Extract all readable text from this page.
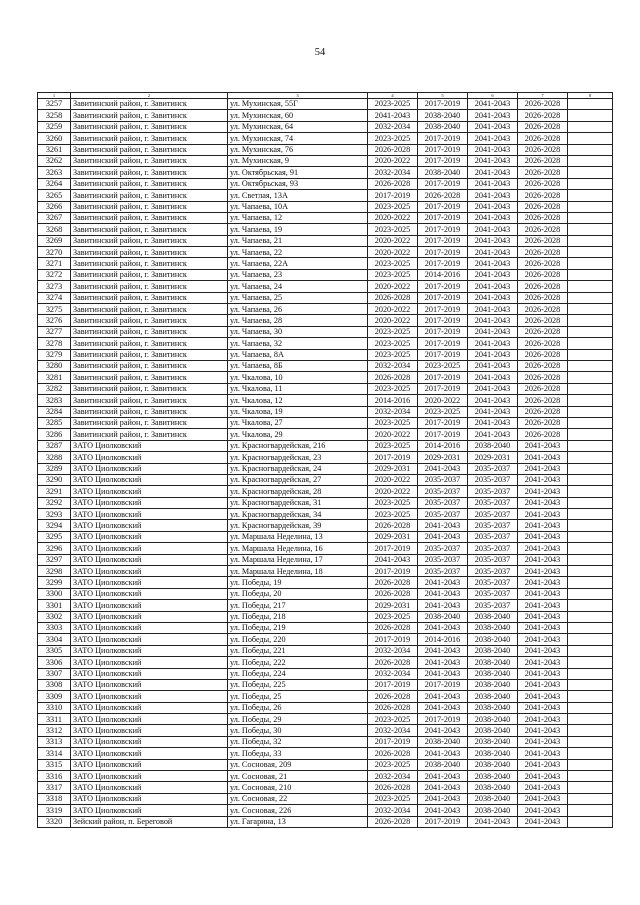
54
1	2	3	4	5	6	7	8
3257	Завитинский район, г. Завитинск	ул. Мухинская, 55Г	2023-2025	2017-2019	2041-2043	2026-2028	
3258	Завитинский район, г. Завитинск	ул. Мухинская, 60	2041-2043	2038-2040	2041-2043	2026-2028	
3259	Завитинский район, г. Завитинск	ул. Мухинская, 64	2032-2034	2038-2040	2041-2043	2026-2028	
3260	Завитинский район, г. Завитинск	ул. Мухинская, 74	2023-2025	2017-2019	2041-2043	2026-2028	
3261	Завитинский район, г. Завитинск	ул. Мухинская, 76	2026-2028	2017-2019	2041-2043	2026-2028	
3262	Завитинский район, г. Завитинск	ул. Мухинская, 9	2020-2022	2017-2019	2041-2043	2026-2028	
3263	Завитинский район, г. Завитинск	ул. Октябрьская, 91	2032-2034	2038-2040	2041-2043	2026-2028	
3264	Завитинский район, г. Завитинск	ул. Октябрьская, 93	2026-2028	2017-2019	2041-2043	2026-2028	
3265	Завитинский район, г. Завитинск	ул. Светлая, 13А	2017-2019	2026-2028	2041-2043	2026-2028	
3266	Завитинский район, г. Завитинск	ул. Чапаева, 10А	2023-2025	2017-2019	2041-2043	2026-2028	
3267	Завитинский район, г. Завитинск	ул. Чапаева, 12	2020-2022	2017-2019	2041-2043	2026-2028	
3268	Завитинский район, г. Завитинск	ул. Чапаева, 19	2023-2025	2017-2019	2041-2043	2026-2028	
3269	Завитинский район, г. Завитинск	ул. Чапаева, 21	2020-2022	2017-2019	2041-2043	2026-2028	
3270	Завитинский район, г. Завитинск	ул. Чапаева, 22	2020-2022	2017-2019	2041-2043	2026-2028	
3271	Завитинский район, г. Завитинск	ул. Чапаева, 22А	2023-2025	2017-2019	2041-2043	2026-2028	
3272	Завитинский район, г. Завитинск	ул. Чапаева, 23	2023-2025	2014-2016	2041-2043	2026-2028	
3273	Завитинский район, г. Завитинск	ул. Чапаева, 24	2020-2022	2017-2019	2041-2043	2026-2028	
3274	Завитинский район, г. Завитинск	ул. Чапаева, 25	2026-2028	2017-2019	2041-2043	2026-2028	
3275	Завитинский район, г. Завитинск	ул. Чапаева, 26	2020-2022	2017-2019	2041-2043	2026-2028	
3276	Завитинский район, г. Завитинск	ул. Чапаева, 28	2020-2022	2017-2019	2041-2043	2026-2028	
3277	Завитинский район, г. Завитинск	ул. Чапаева, 30	2023-2025	2017-2019	2041-2043	2026-2028	
3278	Завитинский район, г. Завитинск	ул. Чапаева, 32	2023-2025	2017-2019	2041-2043	2026-2028	
3279	Завитинский район, г. Завитинск	ул. Чапаева, 8А	2023-2025	2017-2019	2041-2043	2026-2028	
3280	Завитинский район, г. Завитинск	ул. Чапаева, 8Б	2032-2034	2023-2025	2041-2043	2026-2028	
3281	Завитинский район, г. Завитинск	ул. Чкалова, 10	2026-2028	2017-2019	2041-2043	2026-2028	
3282	Завитинский район, г. Завитинск	ул. Чкалова, 11	2023-2025	2017-2019	2041-2043	2026-2028	
3283	Завитинский район, г. Завитинск	ул. Чкалова, 12	2014-2016	2020-2022	2041-2043	2026-2028	
3284	Завитинский район, г. Завитинск	ул. Чкалова, 19	2032-2034	2023-2025	2041-2043	2026-2028	
3285	Завитинский район, г. Завитинск	ул. Чкалова, 27	2023-2025	2017-2019	2041-2043	2026-2028	
3286	Завитинский район, г. Завитинск	ул. Чкалова, 29	2020-2022	2017-2019	2041-2043	2026-2028	
3287	ЗАТО Циолковский	ул. Красногвардейская, 216	2023-2025	2014-2016	2038-2040	2041-2043	
3288	ЗАТО Циолковский	ул. Красногвардейская, 23	2017-2019	2029-2031	2029-2031	2041-2043	
3289	ЗАТО Циолковский	ул. Красногвардейская, 24	2029-2031	2041-2043	2035-2037	2041-2043	
3290	ЗАТО Циолковский	ул. Красногвардейская, 27	2020-2022	2035-2037	2035-2037	2041-2043	
3291	ЗАТО Циолковский	ул. Красногвардейская, 28	2020-2022	2035-2037	2035-2037	2041-2043	
3292	ЗАТО Циолковский	ул. Красногвардейская, 31	2023-2025	2035-2037	2035-2037	2041-2043	
3293	ЗАТО Циолковский	ул. Красногвардейская, 34	2023-2025	2035-2037	2035-2037	2041-2043	
3294	ЗАТО Циолковский	ул. Красногвардейская, 39	2026-2028	2041-2043	2035-2037	2041-2043	
3295	ЗАТО Циолковский	ул. Маршала Неделина, 13	2029-2031	2041-2043	2035-2037	2041-2043	
3296	ЗАТО Циолковский	ул. Маршала Неделина, 16	2017-2019	2035-2037	2035-2037	2041-2043	
3297	ЗАТО Циолковский	ул. Маршала Неделина, 17	2041-2043	2035-2037	2035-2037	2041-2043	
3298	ЗАТО Циолковский	ул. Маршала Неделина, 18	2017-2019	2035-2037	2035-2037	2041-2043	
3299	ЗАТО Циолковский	ул. Победы, 19	2026-2028	2041-2043	2035-2037	2041-2043	
3300	ЗАТО Циолковский	ул. Победы, 20	2026-2028	2041-2043	2035-2037	2041-2043	
3301	ЗАТО Циолковский	ул. Победы, 217	2029-2031	2041-2043	2035-2037	2041-2043	
3302	ЗАТО Циолковский	ул. Победы, 218	2023-2025	2038-2040	2038-2040	2041-2043	
3303	ЗАТО Циолковский	ул. Победы, 219	2026-2028	2041-2043	2038-2040	2041-2043	
3304	ЗАТО Циолковский	ул. Победы, 220	2017-2019	2014-2016	2038-2040	2041-2043	
3305	ЗАТО Циолковский	ул. Победы, 221	2032-2034	2041-2043	2038-2040	2041-2043	
3306	ЗАТО Циолковский	ул. Победы, 222	2026-2028	2041-2043	2038-2040	2041-2043	
3307	ЗАТО Циолковский	ул. Победы, 224	2032-2034	2041-2043	2038-2040	2041-2043	
3308	ЗАТО Циолковский	ул. Победы, 225	2017-2019	2017-2019	2038-2040	2041-2043	
3309	ЗАТО Циолковский	ул. Победы, 25	2026-2028	2041-2043	2038-2040	2041-2043	
3310	ЗАТО Циолковский	ул. Победы, 26	2026-2028	2041-2043	2038-2040	2041-2043	
3311	ЗАТО Циолковский	ул. Победы, 29	2023-2025	2017-2019	2038-2040	2041-2043	
3312	ЗАТО Циолковский	ул. Победы, 30	2032-2034	2041-2043	2038-2040	2041-2043	
3313	ЗАТО Циолковский	ул. Победы, 32	2017-2019	2038-2040	2038-2040	2041-2043	
3314	ЗАТО Циолковский	ул. Победы, 33	2026-2028	2041-2043	2038-2040	2041-2043	
3315	ЗАТО Циолковский	ул. Сосновая, 209	2023-2025	2038-2040	2038-2040	2041-2043	
3316	ЗАТО Циолковский	ул. Сосновая, 21	2032-2034	2041-2043	2038-2040	2041-2043	
3317	ЗАТО Циолковский	ул. Сосновая, 210	2026-2028	2041-2043	2038-2040	2041-2043	
3318	ЗАТО Циолковский	ул. Сосновая, 22	2023-2025	2041-2043	2038-2040	2041-2043	
3319	ЗАТО Циолковский	ул. Сосновая, 226	2032-2034	2041-2043	2038-2040	2041-2043	
3320	Зейский район, п. Береговой	ул. Гагарина, 13	2026-2028	2017-2019	2041-2043	2041-2043	
